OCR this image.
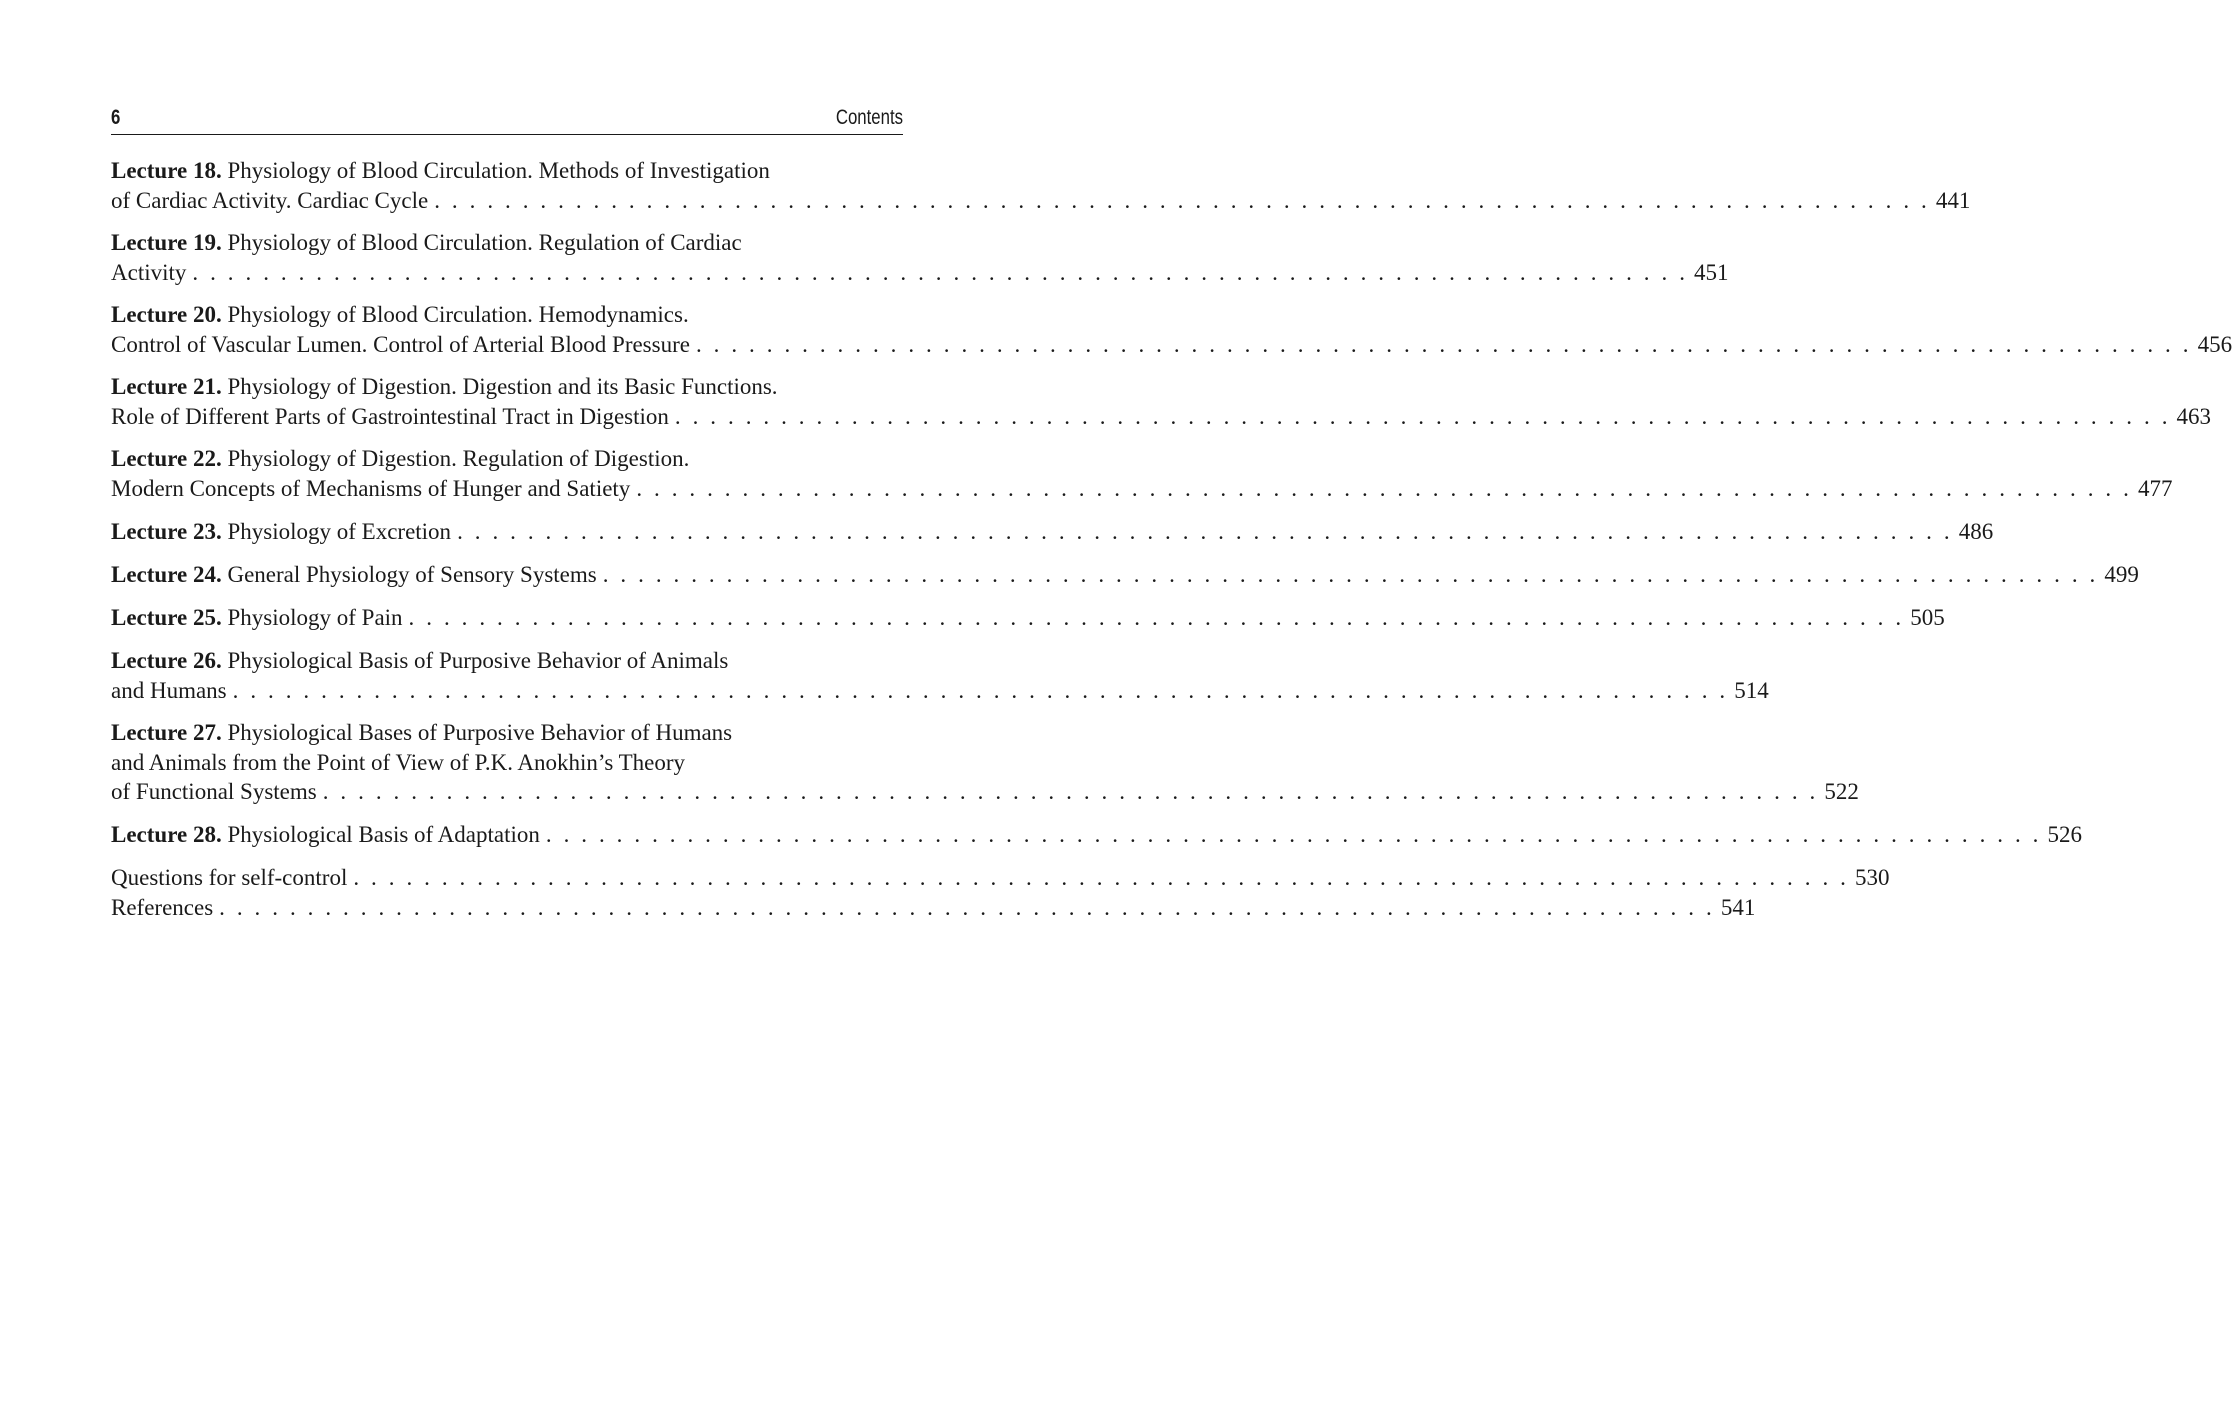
6	Contents
Lecture 18. Physiology of Blood Circulation. Methods of Investigation
of Cardiac Activity. Cardiac Cycle . . . . . . . . . . . . . . . . . . . . . . . . . . . . . . . . . . . . . . . . . . . . . . . . . . . . . . . . . . . . . . . . . . . . . . . . . . . . . . . . . . . . . 441
Lecture 19. Physiology of Blood Circulation. Regulation of Cardiac
Activity . . . . . . . . . . . . . . . . . . . . . . . . . . . . . . . . . . . . . . . . . . . . . . . . . . . . . . . . . . . . . . . . . . . . . . . . . . . . . . . . . . . . . 451
Lecture 20. Physiology of Blood Circulation. Hemodynamics.
Control of Vascular Lumen. Control of Arterial Blood Pressure . . . . . . . . . . . . . . . . . . . . . . . . . . . . . . . . . . . . . . . . . . . . . . . . . . . . . . . . . . . . . . . . . . . . . . . . . . . . . . . . . . . . . 456
Lecture 21. Physiology of Digestion. Digestion and its Basic Functions.
Role of Different Parts of Gastrointestinal Tract in Digestion . . . . . . . . . . . . . . . . . . . . . . . . . . . . . . . . . . . . . . . . . . . . . . . . . . . . . . . . . . . . . . . . . . . . . . . . . . . . . . . . . . . . . 463
Lecture 22. Physiology of Digestion. Regulation of Digestion.
Modern Concepts of Mechanisms of Hunger and Satiety . . . . . . . . . . . . . . . . . . . . . . . . . . . . . . . . . . . . . . . . . . . . . . . . . . . . . . . . . . . . . . . . . . . . . . . . . . . . . . . . . . . . . 477
Lecture 23. Physiology of Excretion . . . . . . . . . . . . . . . . . . . . . . . . . . . . . . . . . . . . . . . . . . . . . . . . . . . . . . . . . . . . . . . . . . . . . . . . . . . . . . . . . . . . . 486
Lecture 24. General Physiology of Sensory Systems . . . . . . . . . . . . . . . . . . . . . . . . . . . . . . . . . . . . . . . . . . . . . . . . . . . . . . . . . . . . . . . . . . . . . . . . . . . . . . . . . . . . . 499
Lecture 25. Physiology of Pain . . . . . . . . . . . . . . . . . . . . . . . . . . . . . . . . . . . . . . . . . . . . . . . . . . . . . . . . . . . . . . . . . . . . . . . . . . . . . . . . . . . . . 505
Lecture 26. Physiological Basis of Purposive Behavior of Animals
and Humans . . . . . . . . . . . . . . . . . . . . . . . . . . . . . . . . . . . . . . . . . . . . . . . . . . . . . . . . . . . . . . . . . . . . . . . . . . . . . . . . . . . . . 514
Lecture 27. Physiological Bases of Purposive Behavior of Humans
and Animals from the Point of View of P.K. Anokhin’s Theory
of Functional Systems . . . . . . . . . . . . . . . . . . . . . . . . . . . . . . . . . . . . . . . . . . . . . . . . . . . . . . . . . . . . . . . . . . . . . . . . . . . . . . . . . . . . . 522
Lecture 28. Physiological Basis of Adaptation . . . . . . . . . . . . . . . . . . . . . . . . . . . . . . . . . . . . . . . . . . . . . . . . . . . . . . . . . . . . . . . . . . . . . . . . . . . . . . . . . . . . . 526
Questions for self-control . . . . . . . . . . . . . . . . . . . . . . . . . . . . . . . . . . . . . . . . . . . . . . . . . . . . . . . . . . . . . . . . . . . . . . . . . . . . . . . . . . . . . 530
References . . . . . . . . . . . . . . . . . . . . . . . . . . . . . . . . . . . . . . . . . . . . . . . . . . . . . . . . . . . . . . . . . . . . . . . . . . . . . . . . . . . . . 541
